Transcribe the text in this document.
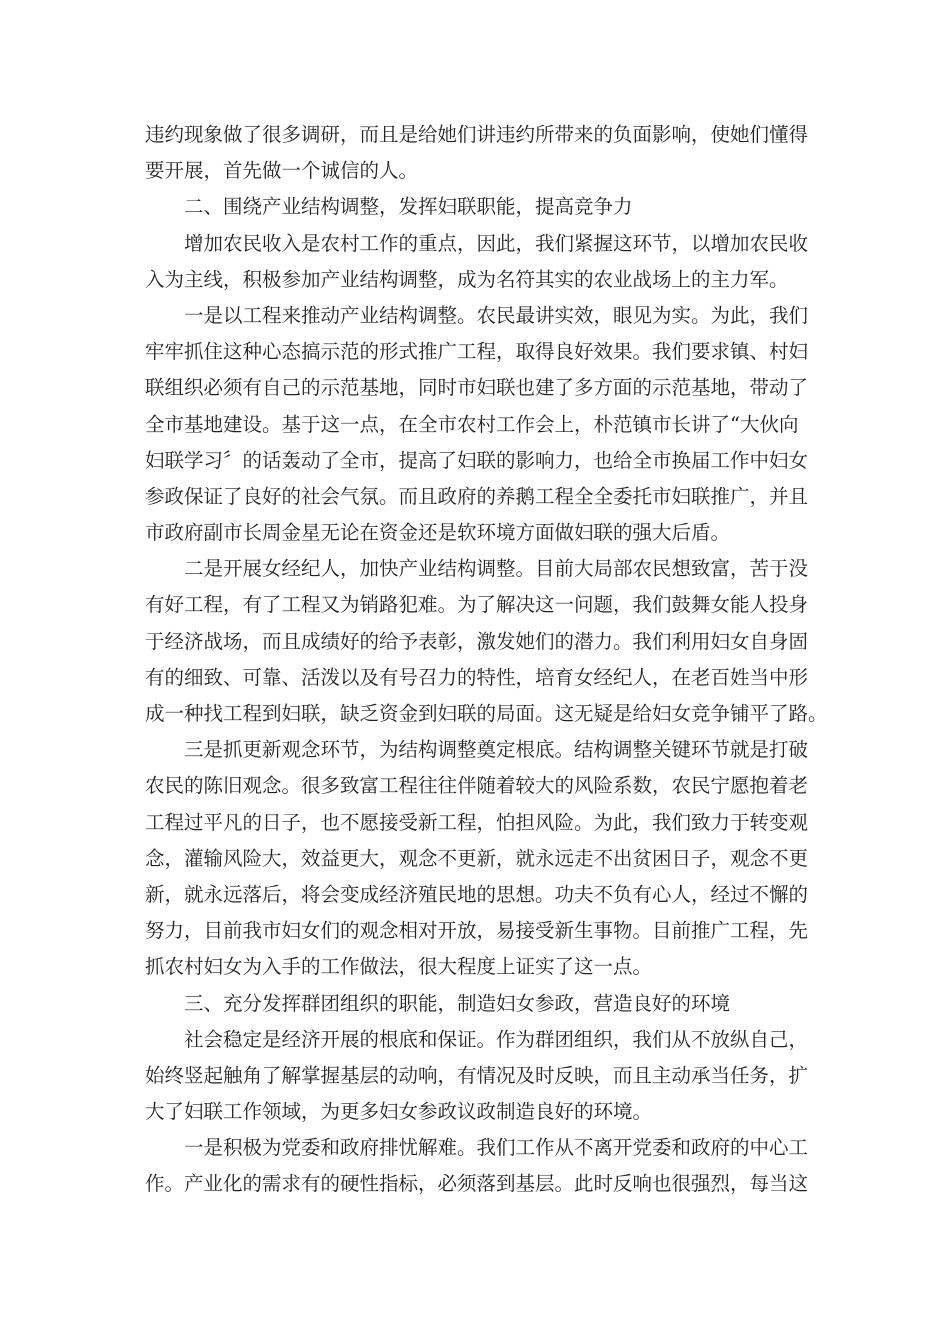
违约现象做了很多调研，而且是给她们讲违约所带来的负面影响，使她们懂得
要开展，首先做一个诚信的人。
二、围绕产业结构调整，发挥妇联职能，提高竞争力
增加农民收入是农村工作的重点，因此，我们紧握这环节，以增加农民收
入为主线，积极参加产业结构调整，成为名符其实的农业战场上的主力军。
一是以工程来推动产业结构调整。农民最讲实效，眼见为实。为此，我们
牢牢抓住这种心态搞示范的形式推广工程，取得良好效果。我们要求镇、村妇
联组织必须有自己的示范基地，同时市妇联也建了多方面的示范基地，带动了
全市基地建设。基于这一点，在全市农村工作会上，朴范镇市长讲了“大伙向
妇联学习〞的话轰动了全市，提高了妇联的影响力，也给全市换届工作中妇女
参政保证了良好的社会气氛。而且政府的养鹅工程全全委托市妇联推广，并且
市政府副市长周金星无论在资金还是软环境方面做妇联的强大后盾。
二是开展女经纪人，加快产业结构调整。目前大局部农民想致富，苦于没
有好工程，有了工程又为销路犯难。为了解决这一问题，我们鼓舞女能人投身
于经济战场，而且成绩好的给予表彰，激发她们的潜力。我们利用妇女自身固
有的细致、可靠、活泼以及有号召力的特性，培育女经纪人，在老百姓当中形
成一种找工程到妇联，缺乏资金到妇联的局面。这无疑是给妇女竞争铺平了路。
三是抓更新观念环节，为结构调整奠定根底。结构调整关键环节就是打破
农民的陈旧观念。很多致富工程往往伴随着较大的风险系数，农民宁愿抱着老
工程过平凡的日子，也不愿接受新工程，怕担风险。为此，我们致力于转变观
念，灌输风险大，效益更大，观念不更新，就永远走不出贫困日子，观念不更
新，就永远落后，将会变成经济殖民地的思想。功夫不负有心人，经过不懈的
努力，目前我市妇女们的观念相对开放，易接受新生事物。目前推广工程，先
抓农村妇女为入手的工作做法，很大程度上证实了这一点。
三、充分发挥群团组织的职能，制造妇女参政，营造良好的环境
社会稳定是经济开展的根底和保证。作为群团组织，我们从不放纵自己，
始终竖起触角了解掌握基层的动响，有情况及时反映，而且主动承当任务，扩
大了妇联工作领域，为更多妇女参政议政制造良好的环境。
一是积极为党委和政府排忧解难。我们工作从不离开党委和政府的中心工
作。产业化的需求有的硬性指标，必须落到基层。此时反响也很强烈，每当这
